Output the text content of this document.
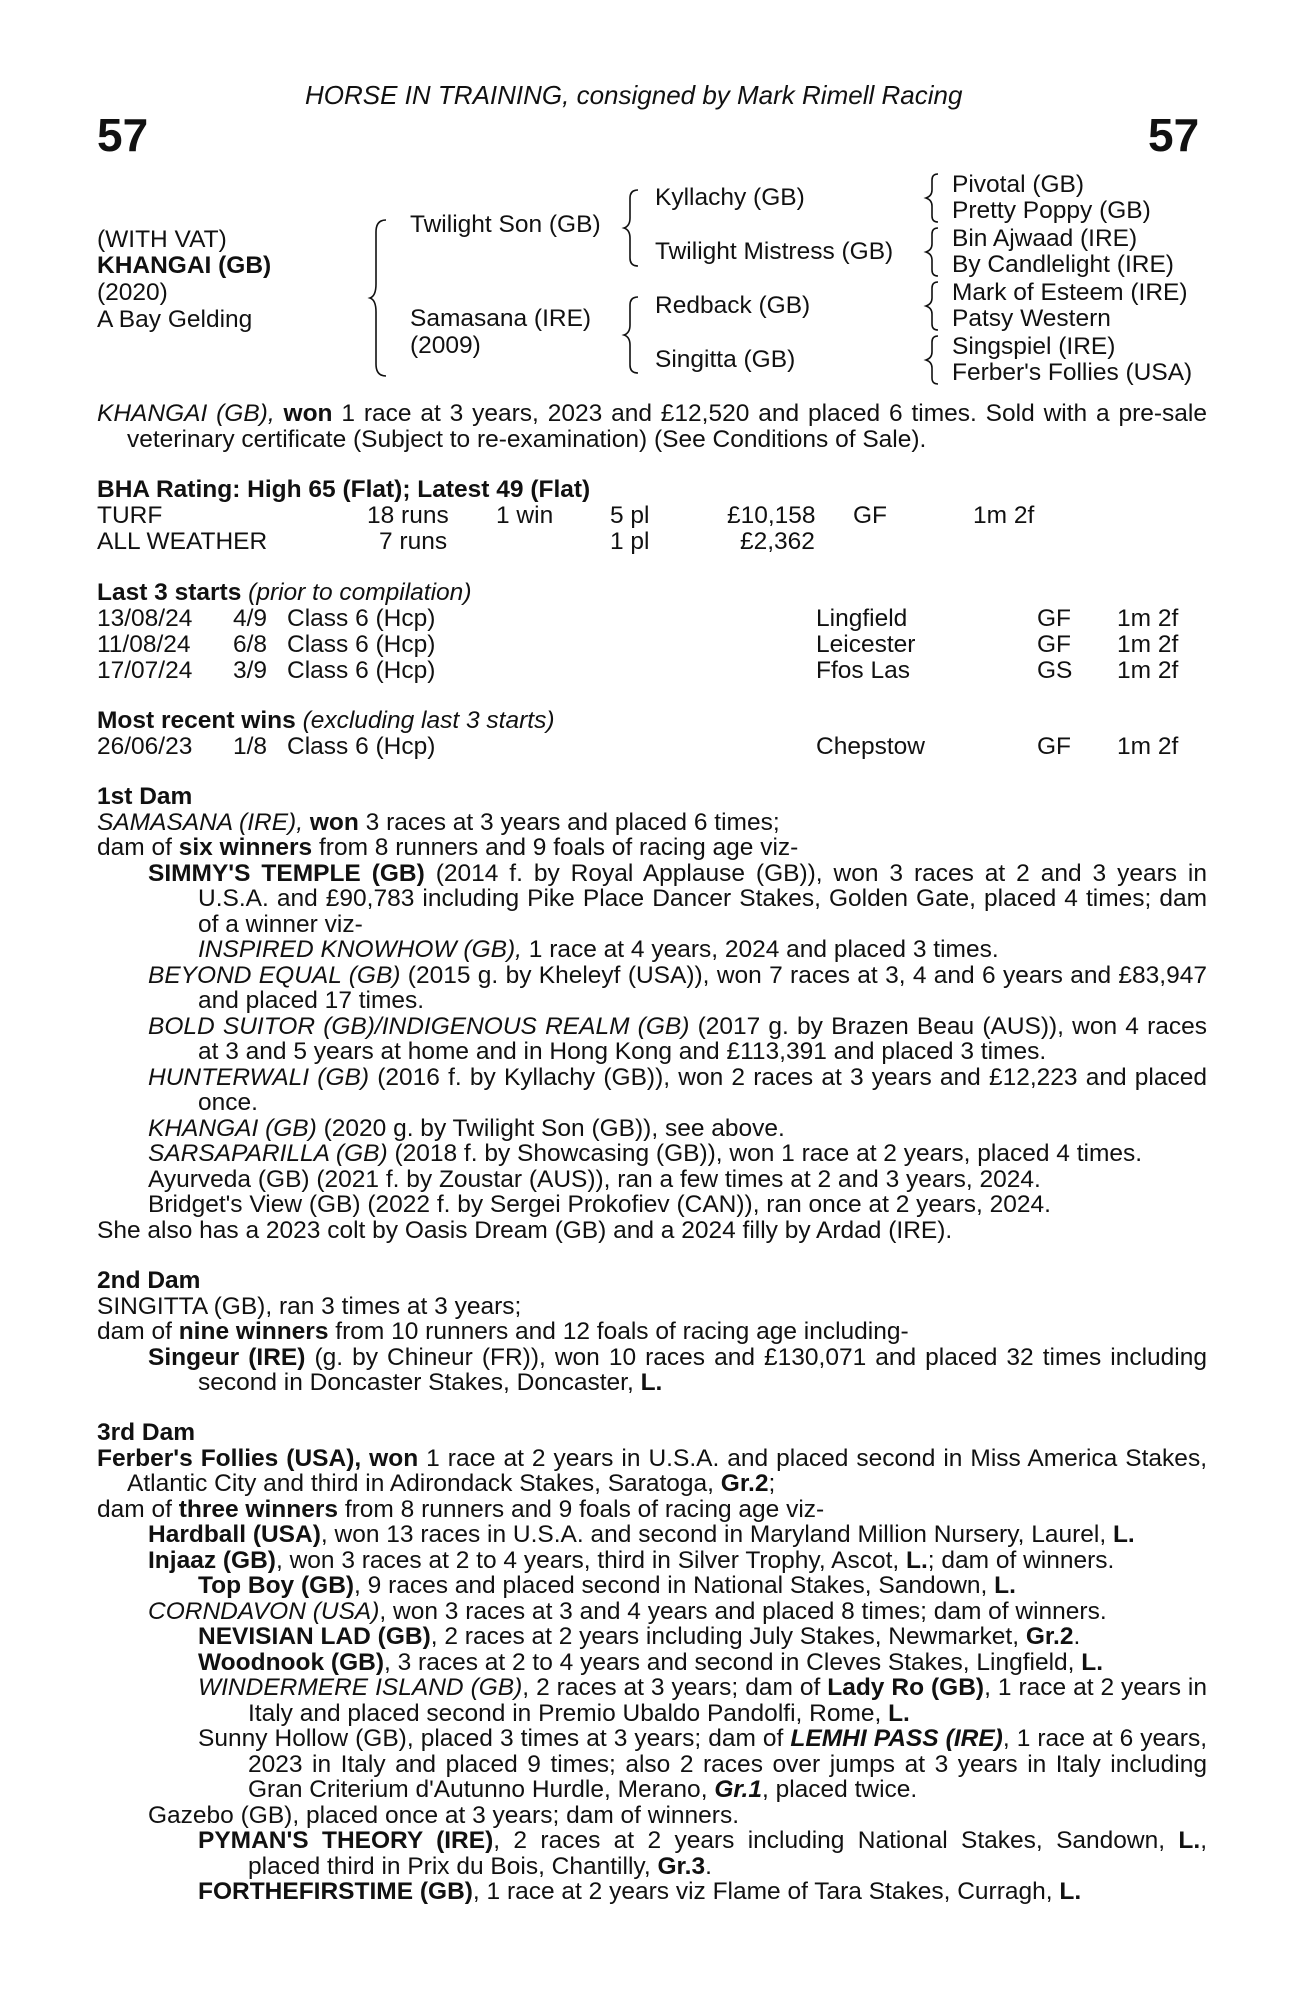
HORSE IN TRAINING, consigned by Mark Rimell Racing
57	57
(WITH VAT)
KHANGAI (GB)
(2020)
A Bay Gelding
Twilight Son (GB)
Samasana (IRE)
(2009)
Kyllachy (GB)
Twilight Mistress (GB)
Redback (GB)
Singitta (GB)
Pivotal (GB)
Pretty Poppy (GB)
Bin Ajwaad (IRE)
By Candlelight (IRE)
Mark of Esteem (IRE)
Patsy Western
Singspiel (IRE)
Ferber's Follies (USA)

KHANGAI (GB), won 1 race at 3 years, 2023 and £12,520 and placed 6 times. Sold with a pre-sale veterinary certificate (Subject to re-examination) (See Conditions of Sale).

BHA Rating: High 65 (Flat); Latest 49 (Flat)
TURF	18 runs 1 win 5 pl	£10,158 GF	1m 2f
ALL WEATHER	7 runs	1 pl	£2,362
Last 3 starts (prior to compilation)
13/08/24 4/9 Class 6 (Hcp)	Lingfield	GF 1m 2f
11/08/24 6/8 Class 6 (Hcp)	Leicester	GF 1m 2f
17/07/24 3/9 Class 6 (Hcp)	Ffos Las	GS 1m 2f
Most recent wins (excluding last 3 starts)
26/06/23 1/8 Class 6 (Hcp)	Chepstow	GF 1m 2f

1st Dam

SAMASANA (IRE), won 3 races at 3 years and placed 6 times;

dam of six winners from 8 runners and 9 foals of racing age viz-

SIMMY'S TEMPLE (GB) (2014 f. by Royal Applause (GB)), won 3 races at 2 and 3 years in U.S.A. and £90,783 including Pike Place Dancer Stakes, Golden Gate, placed 4 times; dam of a winner viz-

INSPIRED KNOWHOW (GB), 1 race at 4 years, 2024 and placed 3 times.

BEYOND EQUAL (GB) (2015 g. by Kheleyf (USA)), won 7 races at 3, 4 and 6 years and £83,947 and placed 17 times.

BOLD SUITOR (GB)/INDIGENOUS REALM (GB) (2017 g. by Brazen Beau (AUS)), won 4 races at 3 and 5 years at home and in Hong Kong and £113,391 and placed 3 times.

HUNTERWALI (GB) (2016 f. by Kyllachy (GB)), won 2 races at 3 years and £12,223 and placed once.

KHANGAI (GB) (2020 g. by Twilight Son (GB)), see above.

SARSAPARILLA (GB) (2018 f. by Showcasing (GB)), won 1 race at 2 years, placed 4 times.

Ayurveda (GB) (2021 f. by Zoustar (AUS)), ran a few times at 2 and 3 years, 2024.

Bridget's View (GB) (2022 f. by Sergei Prokofiev (CAN)), ran once at 2 years, 2024.

She also has a 2023 colt by Oasis Dream (GB) and a 2024 filly by Ardad (IRE).

2nd Dam

SINGITTA (GB), ran 3 times at 3 years;

dam of nine winners from 10 runners and 12 foals of racing age including-

Singeur (IRE) (g. by Chineur (FR)), won 10 races and £130,071 and placed 32 times including second in Doncaster Stakes, Doncaster, L.

3rd Dam

Ferber's Follies (USA), won 1 race at 2 years in U.S.A. and placed second in Miss America Stakes, Atlantic City and third in Adirondack Stakes, Saratoga, Gr.2;

dam of three winners from 8 runners and 9 foals of racing age viz-

Hardball (USA), won 13 races in U.S.A. and second in Maryland Million Nursery, Laurel, L.

Injaaz (GB), won 3 races at 2 to 4 years, third in Silver Trophy, Ascot, L.; dam of winners.

Top Boy (GB), 9 races and placed second in National Stakes, Sandown, L.

CORNDAVON (USA), won 3 races at 3 and 4 years and placed 8 times; dam of winners.

NEVISIAN LAD (GB), 2 races at 2 years including July Stakes, Newmarket, Gr.2.

Woodnook (GB), 3 races at 2 to 4 years and second in Cleves Stakes, Lingfield, L.

WINDERMERE ISLAND (GB), 2 races at 3 years; dam of Lady Ro (GB), 1 race at 2 years in Italy and placed second in Premio Ubaldo Pandolfi, Rome, L.

Sunny Hollow (GB), placed 3 times at 3 years; dam of LEMHI PASS (IRE), 1 race at 6 years, 2023 in Italy and placed 9 times; also 2 races over jumps at 3 years in Italy including Gran Criterium d'Autunno Hurdle, Merano, Gr.1, placed twice.

Gazebo (GB), placed once at 3 years; dam of winners.

PYMAN'S THEORY (IRE), 2 races at 2 years including National Stakes, Sandown, L., placed third in Prix du Bois, Chantilly, Gr.3.

FORTHEFIRSTIME (GB), 1 race at 2 years viz Flame of Tara Stakes, Curragh, L.
